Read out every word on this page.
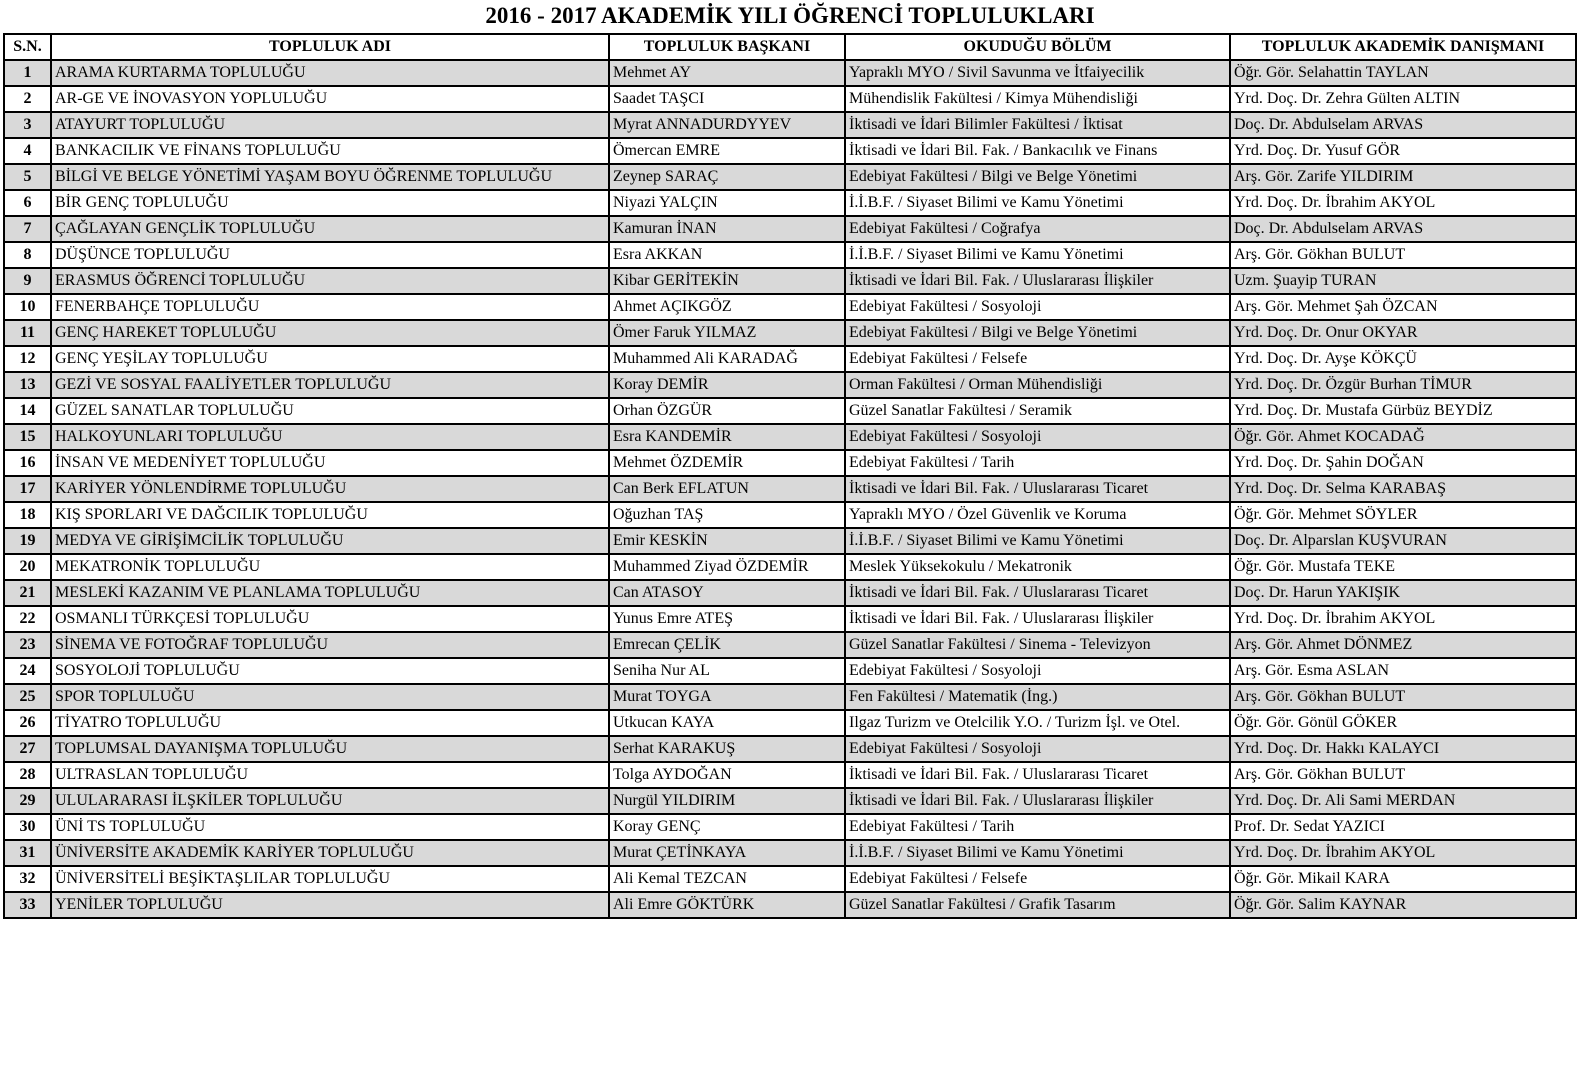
2016 - 2017 AKADEMİK YILI ÖĞRENCİ TOPLULUKLARI
S.N.	TOPLULUK ADI	TOPLULUK BAŞKANI	OKUDUĞU BÖLÜM	TOPLULUK AKADEMİK DANIŞMANI
1	ARAMA KURTARMA TOPLULUĞU	Mehmet AY	Yapraklı MYO / Sivil Savunma ve İtfaiyecilik	Öğr. Gör. Selahattin TAYLAN
2	AR-GE VE İNOVASYON YOPLULUĞU	Saadet TAŞCI	Mühendislik Fakültesi / Kimya Mühendisliği	Yrd. Doç. Dr. Zehra Gülten ALTIN
3	ATAYURT TOPLULUĞU	Myrat ANNADURDYYEV	İktisadi ve İdari Bilimler Fakültesi / İktisat	Doç. Dr. Abdulselam ARVAS
4	BANKACILIK VE FİNANS TOPLULUĞU	Ömercan EMRE	İktisadi ve İdari Bil. Fak. / Bankacılık ve Finans	Yrd. Doç. Dr. Yusuf GÖR
5	BİLGİ VE BELGE YÖNETİMİ YAŞAM BOYU ÖĞRENME TOPLULUĞU	Zeynep SARAÇ	Edebiyat Fakültesi / Bilgi ve Belge Yönetimi	Arş. Gör. Zarife YILDIRIM
6	BİR GENÇ TOPLULUĞU	Niyazi YALÇIN	İ.İ.B.F. / Siyaset Bilimi ve Kamu Yönetimi	Yrd. Doç. Dr. İbrahim AKYOL
7	ÇAĞLAYAN GENÇLİK TOPLULUĞU	Kamuran İNAN	Edebiyat Fakültesi / Coğrafya	Doç. Dr. Abdulselam ARVAS
8	DÜŞÜNCE TOPLULUĞU	Esra AKKAN	İ.İ.B.F. / Siyaset Bilimi ve Kamu Yönetimi	Arş. Gör. Gökhan BULUT
9	ERASMUS ÖĞRENCİ TOPLULUĞU	Kibar GERİTEKİN	İktisadi ve İdari Bil. Fak. / Uluslararası İlişkiler	Uzm. Şuayip TURAN
10	FENERBAHÇE TOPLULUĞU	Ahmet AÇIKGÖZ	Edebiyat Fakültesi / Sosyoloji	Arş. Gör. Mehmet Şah ÖZCAN
11	GENÇ HAREKET TOPLULUĞU	Ömer Faruk YILMAZ	Edebiyat Fakültesi / Bilgi ve Belge Yönetimi	Yrd. Doç. Dr. Onur OKYAR
12	GENÇ YEŞİLAY TOPLULUĞU	Muhammed Ali KARADAĞ	Edebiyat Fakültesi / Felsefe	Yrd. Doç. Dr. Ayşe KÖKÇÜ
13	GEZİ VE SOSYAL FAALİYETLER TOPLULUĞU	Koray DEMİR	Orman Fakültesi / Orman Mühendisliği	Yrd. Doç. Dr. Özgür Burhan TİMUR
14	GÜZEL SANATLAR TOPLULUĞU	Orhan ÖZGÜR	Güzel Sanatlar Fakültesi / Seramik	Yrd. Doç. Dr. Mustafa Gürbüz BEYDİZ
15	HALKOYUNLARI TOPLULUĞU	Esra KANDEMİR	Edebiyat Fakültesi / Sosyoloji	Öğr. Gör. Ahmet KOCADAĞ
16	İNSAN VE MEDENİYET TOPLULUĞU	Mehmet ÖZDEMİR	Edebiyat Fakültesi / Tarih	Yrd. Doç. Dr. Şahin DOĞAN
17	KARİYER YÖNLENDİRME TOPLULUĞU	Can Berk EFLATUN	İktisadi ve İdari Bil. Fak. / Uluslararası Ticaret	Yrd. Doç. Dr. Selma KARABAŞ
18	KIŞ SPORLARI VE DAĞCILIK TOPLULUĞU	Oğuzhan TAŞ	Yapraklı MYO / Özel Güvenlik ve Koruma	Öğr. Gör. Mehmet SÖYLER
19	MEDYA VE GİRİŞİMCİLİK TOPLULUĞU	Emir KESKİN	İ.İ.B.F. / Siyaset Bilimi ve Kamu Yönetimi	Doç. Dr. Alparslan KUŞVURAN
20	MEKATRONİK TOPLULUĞU	Muhammed Ziyad ÖZDEMİR	Meslek Yüksekokulu / Mekatronik	Öğr. Gör. Mustafa TEKE
21	MESLEKİ KAZANIM VE PLANLAMA TOPLULUĞU	Can ATASOY	İktisadi ve İdari Bil. Fak. / Uluslararası Ticaret	Doç. Dr. Harun YAKIŞIK
22	OSMANLI TÜRKÇESİ TOPLULUĞU	Yunus Emre ATEŞ	İktisadi ve İdari Bil. Fak. / Uluslararası İlişkiler	Yrd. Doç. Dr. İbrahim AKYOL
23	SİNEMA VE FOTOĞRAF TOPLULUĞU	Emrecan ÇELİK	Güzel Sanatlar Fakültesi / Sinema - Televizyon	Arş. Gör. Ahmet DÖNMEZ
24	SOSYOLOJİ TOPLULUĞU	Seniha Nur AL	Edebiyat Fakültesi / Sosyoloji	Arş. Gör. Esma ASLAN
25	SPOR TOPLULUĞU	Murat TOYGA	Fen Fakültesi / Matematik (İng.)	Arş. Gör. Gökhan BULUT
26	TİYATRO TOPLULUĞU	Utkucan KAYA	Ilgaz Turizm ve Otelcilik Y.O. / Turizm İşl. ve Otel.	Öğr. Gör. Gönül GÖKER
27	TOPLUMSAL DAYANIŞMA TOPLULUĞU	Serhat KARAKUŞ	Edebiyat Fakültesi / Sosyoloji	Yrd. Doç. Dr. Hakkı KALAYCI
28	ULTRASLAN TOPLULUĞU	Tolga AYDOĞAN	İktisadi ve İdari Bil. Fak. / Uluslararası Ticaret	Arş. Gör. Gökhan BULUT
29	ULULARARASI İLŞKİLER TOPLULUĞU	Nurgül YILDIRIM	İktisadi ve İdari Bil. Fak. / Uluslararası İlişkiler	Yrd. Doç. Dr. Ali Sami MERDAN
30	ÜNİ TS TOPLULUĞU	Koray GENÇ	Edebiyat Fakültesi / Tarih	Prof. Dr. Sedat YAZICI
31	ÜNİVERSİTE AKADEMİK KARİYER TOPLULUĞU	Murat ÇETİNKAYA	İ.İ.B.F. / Siyaset Bilimi ve Kamu Yönetimi	Yrd. Doç. Dr. İbrahim AKYOL
32	ÜNİVERSİTELİ BEŞİKTAŞLILAR TOPLULUĞU	Ali Kemal TEZCAN	Edebiyat Fakültesi / Felsefe	Öğr. Gör. Mikail KARA
33	YENİLER TOPLULUĞU	Ali Emre GÖKTÜRK	Güzel Sanatlar Fakültesi / Grafik Tasarım	Öğr. Gör. Salim KAYNAR
